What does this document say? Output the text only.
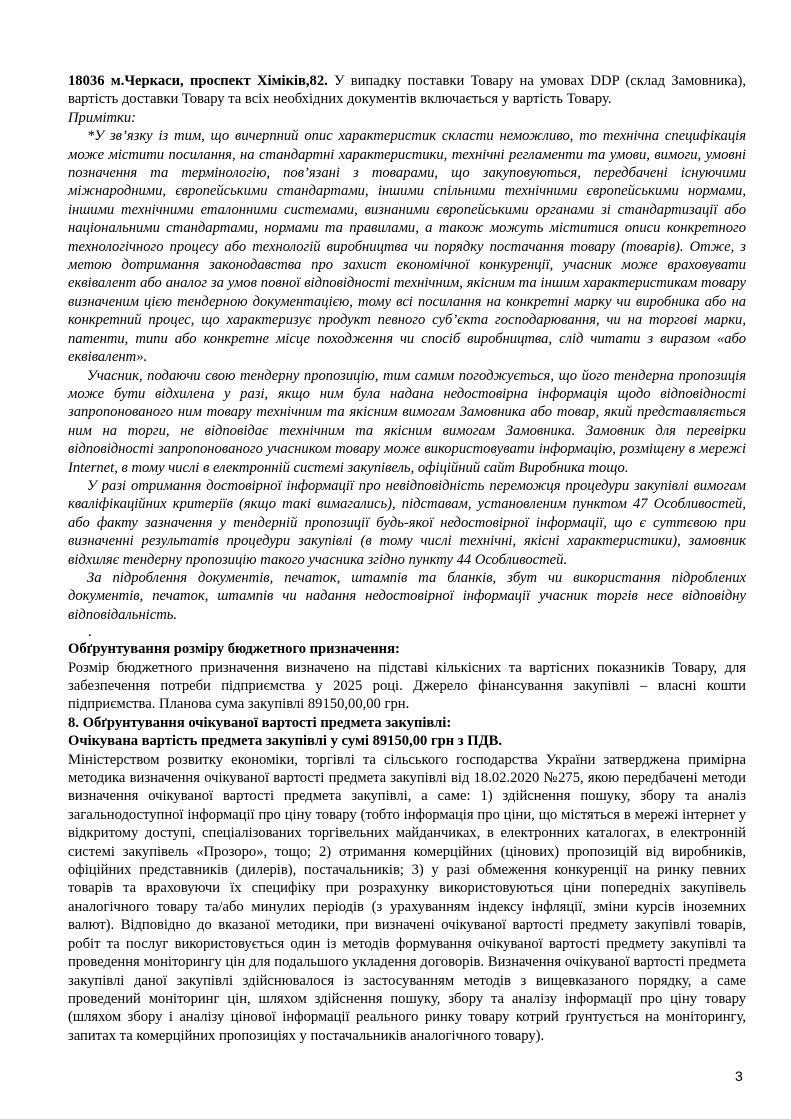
18036 м.Черкаси, проспект Хіміків,82. У випадку поставки Товару на умовах DDP (склад Замовника), вартість доставки Товару та всіх необхідних документів включається у вартість Товару.

Примітки:

*У зв’язку із тим, що вичерпний опис характеристик скласти неможливо, то технічна специфікація може містити посилання, на стандартні характеристики, технічні регламенти та умови, вимоги, умовні позначення та термінологію, пов’язані з товарами, що закуповуються, передбачені існуючими міжнародними, європейськими стандартами, іншими спільними технічними європейськими нормами, іншими технічними еталонними системами, визнаними європейськими органами зі стандартизації або національними стандартами, нормами та правилами, а також можуть міститися описи конкретного технологічного процесу або технологій виробництва чи порядку постачання товару (товарів). Отже, з метою дотримання законодавства про захист економічної конкуренції, учасник може враховувати еквівалент або аналог за умов повної відповідності технічним, якісним та іншим характеристикам товару визначеним цією тендерною документацією, тому всі посилання на конкретні марку чи виробника або на конкретний процес, що характеризує продукт певного суб’єкта господарювання, чи на торгові марки, патенти, типи або конкретне місце походження чи спосіб виробництва, слід читати з виразом «або еквівалент».

Учасник, подаючи свою тендерну пропозицію, тим самим погоджується, що його тендерна пропозиція може бути відхилена у разі, якщо ним була надана недостовірна інформація щодо відповідності запропонованого ним товару технічним та якісним вимогам Замовника або товар, який представляється ним на торги, не відповідає технічним та якісним вимогам Замовника. Замовник для перевірки відповідності запропонованого учасником товару може використовувати інформацію, розміщену в мережі Internet, в тому числі в електронній системі закупівель, офіційний сайт Виробника тощо.

У разі отримання достовірної інформації про невідповідність переможця процедури закупівлі вимогам кваліфікаційних критеріїв (якщо такі вимагались), підставам, установленим пунктом 47 Особливостей, або факту зазначення у тендерній пропозиції будь-якої недостовірної інформації, що є суттєвою при визначенні результатів процедури закупівлі (в тому числі технічні, якісні характеристики), замовник відхиляє тендерну пропозицію такого учасника згідно пункту 44 Особливостей.

За підроблення документів, печаток, штампів та бланків, збут чи використання підроблених документів, печаток, штампів чи надання недостовірної інформації учасник торгів несе відповідну відповідальність.

.

Обґрунтування розміру бюджетного призначення:

Розмір бюджетного призначення визначено на підставі кількісних та вартісних показників Товару, для забезпечення потреби підприємства у 2025 році. Джерело фінансування закупівлі – власні кошти підприємства. Планова сума закупівлі 89150,00,00 грн.

8. Обґрунтування очікуваної вартості предмета закупівлі:

Очікувана вартість предмета закупівлі у сумі 89150,00 грн з ПДВ.

Міністерством розвитку економіки, торгівлі та сільського господарства України затверджена примірна методика визначення очікуваної вартості предмета закупівлі від 18.02.2020 №275, якою передбачені методи визначення очікуваної вартості предмета закупівлі, а саме: 1) здійснення пошуку, збору та аналіз загальнодоступної інформації про ціну товару (тобто інформація про ціни, що містяться в мережі інтернет у відкритому доступі, спеціалізованих торгівельних майданчиках, в електронних каталогах, в електронній системі закупівель «Прозоро», тощо; 2) отримання комерційних (цінових) пропозицій від виробників, офіційних представників (дилерів), постачальників; 3) у разі обмеження конкуренції на ринку певних товарів та враховуючи їх специфіку при розрахунку використовуються ціни попередніх закупівель аналогічного товару та/або минулих періодів (з урахуванням індексу інфляції, зміни курсів іноземних валют). Відповідно до вказаної методики, при визначені очікуваної вартості предмету закупівлі товарів, робіт та послуг використовується один із методів формування очікуваної вартості предмету закупівлі та проведення моніторингу цін для подальшого укладення договорів. Визначення очікуваної вартості предмета закупівлі даної закупівлі здійснювалося із застосуванням методів з вищевказаного порядку, а саме проведений моніторинг цін, шляхом здійснення пошуку, збору та аналізу інформації про ціну товару (шляхом збору і аналізу цінової інформації реального ринку товару котрий ґрунтується на моніторингу, запитах та комерційних пропозиціях у постачальників аналогічного товару).

3
